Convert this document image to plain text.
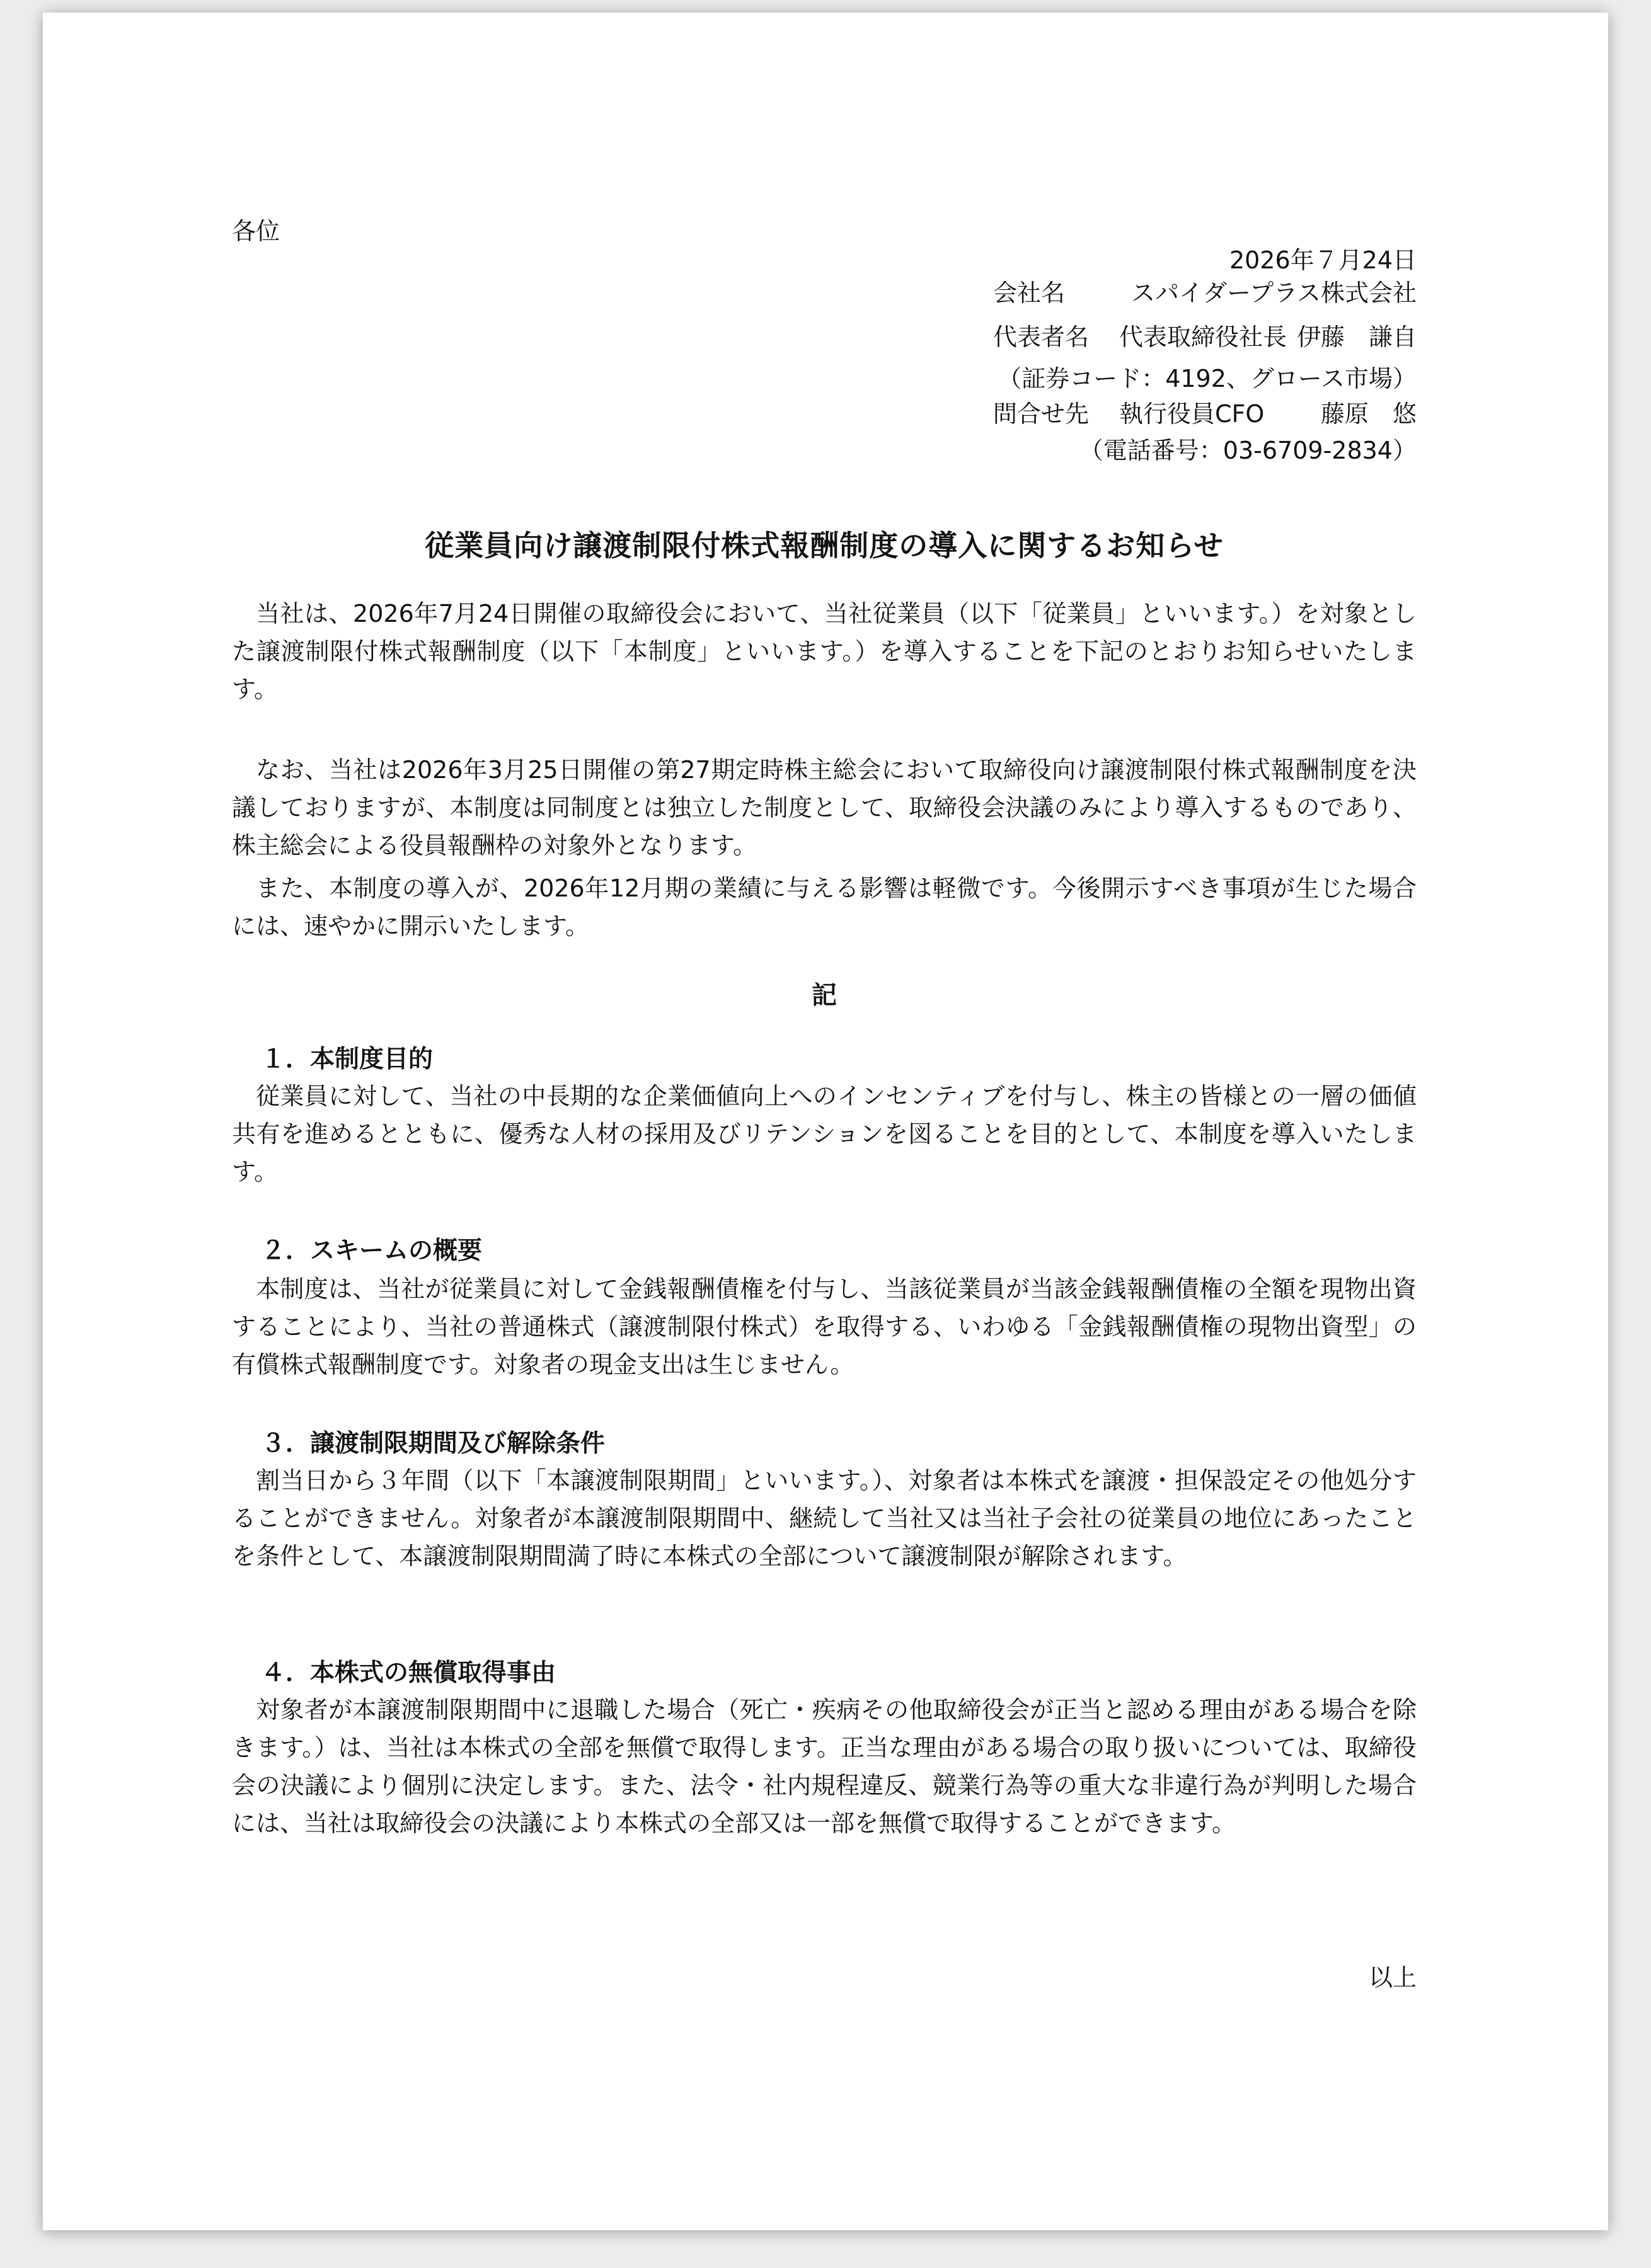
各位
2026年７月24日
会社名	スパイダープラス株式会社
代表者名 代表取締役社長 伊藤　謙自
（証券コード：4192、グロース市場）
問合せ先 執行役員CFO 藤原　悠
（電話番号：03-6709-2834）
従業員向け譲渡制限付株式報酬制度の導入に関するお知らせ

当社は、2026年7月24日開催の取締役会において、当社従業員（以下「従業員」といいます。）を対象とした譲渡制限付株式報酬制度（以下「本制度」といいます。）を導入することを下記のとおりお知らせいたします。

なお、当社は2026年3月25日開催の第27期定時株主総会において取締役向け譲渡制限付株式報酬制度を決議しておりますが、本制度は同制度とは独立した制度として、取締役会決議のみにより導入するものであり、株主総会による役員報酬枠の対象外となります。

また、本制度の導入が、2026年12月期の業績に与える影響は軽微です。今後開示すべき事項が生じた場合には、速やかに開示いたします。

記
１．本制度目的

従業員に対して、当社の中長期的な企業価値向上へのインセンティブを付与し、株主の皆様との一層の価値共有を進めるとともに、優秀な人材の採用及びリテンションを図ることを目的として、本制度を導入いたします。

２．スキームの概要

本制度は、当社が従業員に対して金銭報酬債権を付与し、当該従業員が当該金銭報酬債権の全額を現物出資することにより、当社の普通株式（譲渡制限付株式）を取得する、いわゆる「金銭報酬債権の現物出資型」の有償株式報酬制度です。対象者の現金支出は生じません。

３．譲渡制限期間及び解除条件

割当日から３年間（以下「本譲渡制限期間」といいます。）、対象者は本株式を譲渡・担保設定その他処分することができません。対象者が本譲渡制限期間中、継続して当社又は当社子会社の従業員の地位にあったことを条件として、本譲渡制限期間満了時に本株式の全部について譲渡制限が解除されます。

４．本株式の無償取得事由

対象者が本譲渡制限期間中に退職した場合（死亡・疾病その他取締役会が正当と認める理由がある場合を除きます。）は、当社は本株式の全部を無償で取得します。正当な理由がある場合の取り扱いについては、取締役会の決議により個別に決定します。また、法令・社内規程違反、競業行為等の重大な非違行為が判明した場合には、当社は取締役会の決議により本株式の全部又は一部を無償で取得することができます。

以上
